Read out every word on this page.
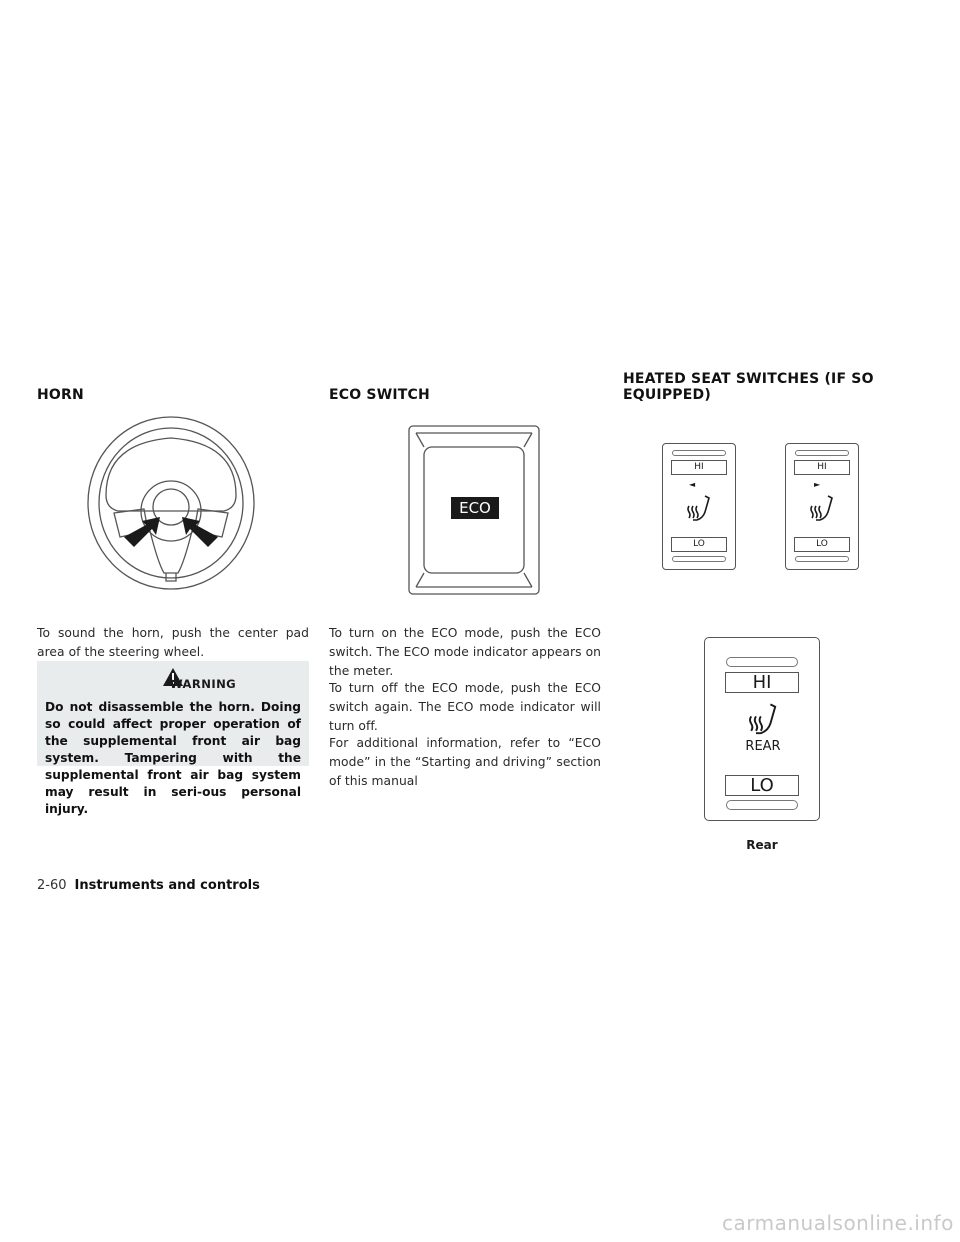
HORN

To sound the horn, push the center pad area of the steering wheel.

WARNING
Do not disassemble the horn. Doing so could affect proper operation of the supplemental front air bag system. Tampering with the supplemental front air bag system may result in seri-ous personal injury.
ECO SWITCH
ECO

To turn on the ECO mode, push the ECO switch. The ECO mode indicator appears on the meter.

To turn off the ECO mode, push the ECO switch again. The ECO mode indicator will turn off.

For additional information, refer to “ECO mode” in the “Starting and driving” section of this manual

HEATED SEAT SWITCHES (IF SO
EQUIPPED)
HI
◄
LO
HI
►
LO
HI
REAR
LO
Rear
2-60 Instruments and controls
carmanualsonline.info
